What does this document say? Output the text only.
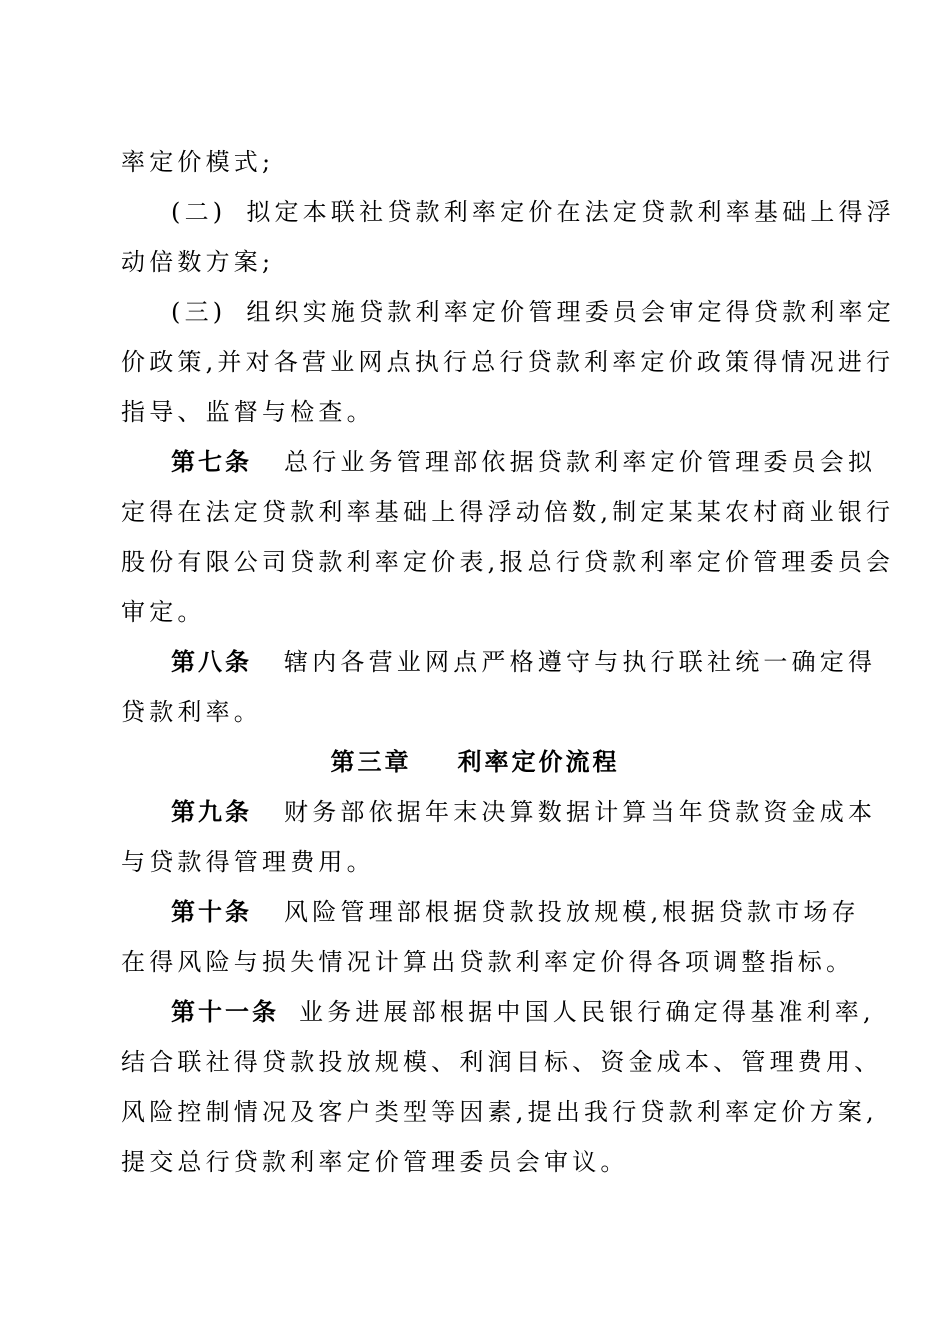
率定价模式;
(二) 拟定本联社贷款利率定价在法定贷款利率基础上得浮
动倍数方案;
(三) 组织实施贷款利率定价管理委员会审定得贷款利率定
价政策,并对各营业网点执行总行贷款利率定价政策得情况进行
指导、监督与检查。
第七条 总行业务管理部依据贷款利率定价管理委员会拟
定得在法定贷款利率基础上得浮动倍数,制定某某农村商业银行
股份有限公司贷款利率定价表,报总行贷款利率定价管理委员会
审定。
第八条 辖内各营业网点严格遵守与执行联社统一确定得
贷款利率。
第三章 利率定价流程
第九条 财务部依据年末决算数据计算当年贷款资金成本
与贷款得管理费用。
第十条 风险管理部根据贷款投放规模,根据贷款市场存
在得风险与损失情况计算出贷款利率定价得各项调整指标。
第十一条 业务进展部根据中国人民银行确定得基准利率,
结合联社得贷款投放规模、利润目标、资金成本、管理费用、
风险控制情况及客户类型等因素,提出我行贷款利率定价方案,
提交总行贷款利率定价管理委员会审议。
